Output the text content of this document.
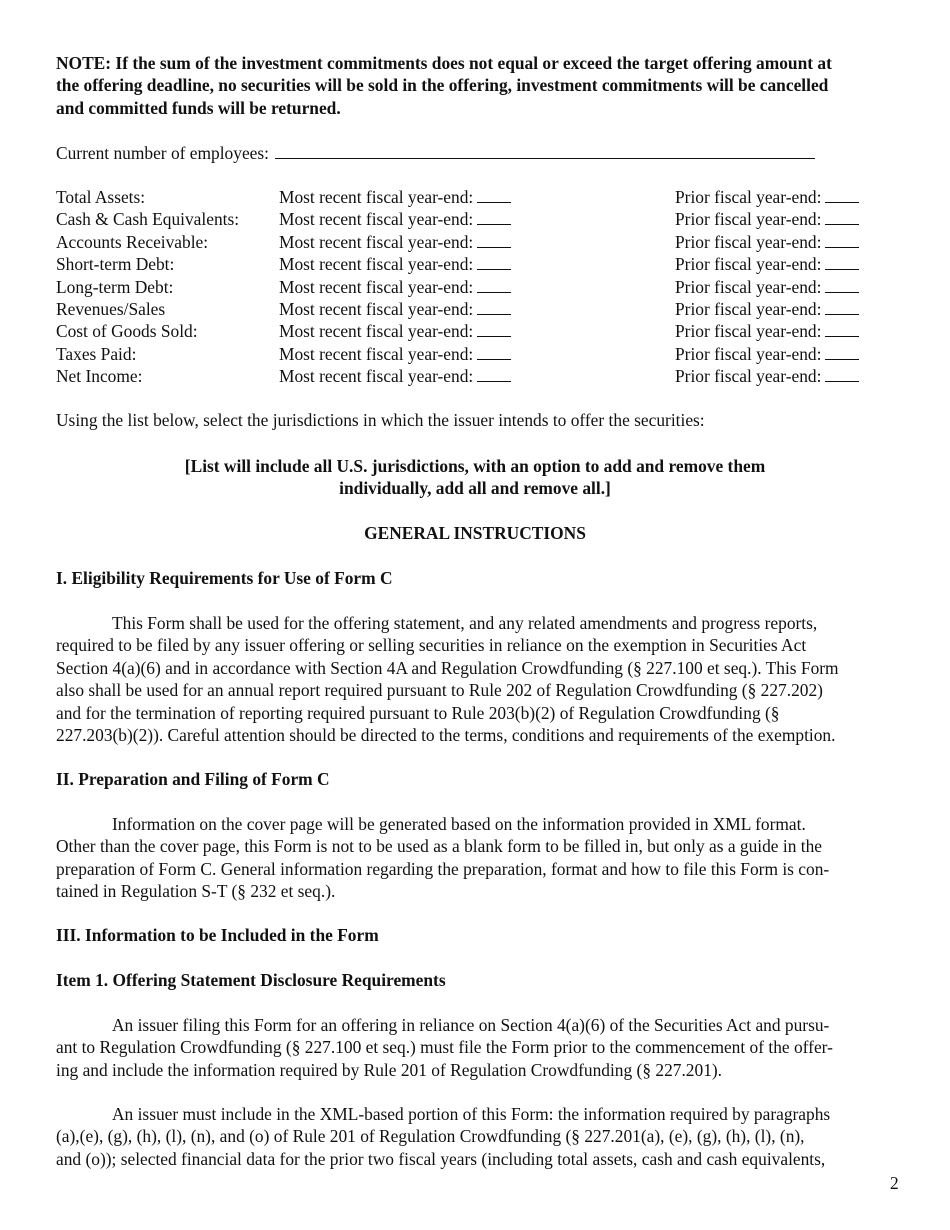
NOTE: If the sum of the investment commitments does not equal or exceed the target offering amount at the offering deadline, no securities will be sold in the offering, investment commitments will be cancelled and committed funds will be returned.
Current number of employees:
Total Assets:	Most recent fiscal year-end:	Prior fiscal year-end:
Cash & Cash Equivalents: Most recent fiscal year-end:	Prior fiscal year-end:
Accounts Receivable:	Most recent fiscal year-end:	Prior fiscal year-end:
Short-term Debt:	Most recent fiscal year-end:	Prior fiscal year-end:
Long-term Debt:	Most recent fiscal year-end:	Prior fiscal year-end:
Revenues/Sales	Most recent fiscal year-end:	Prior fiscal year-end:
Cost of Goods Sold:	Most recent fiscal year-end:	Prior fiscal year-end:
Taxes Paid:	Most recent fiscal year-end:	Prior fiscal year-end:
Net Income:	Most recent fiscal year-end:	Prior fiscal year-end:
Using the list below, select the jurisdictions in which the issuer intends to offer the securities:
[List will include all U.S. jurisdictions, with an option to add and remove them
individually, add all and remove all.]
GENERAL INSTRUCTIONS
I. Eligibility Requirements for Use of Form C
This Form shall be used for the offering statement, and any related amendments and progress reports,
required to be filed by any issuer offering or selling securities in reliance on the exemption in Securities Act
Section 4(a)(6) and in accordance with Section 4A and Regulation Crowdfunding (§ 227.100 et seq.). This Form
also shall be used for an annual report required pursuant to Rule 202 of Regulation Crowdfunding (§ 227.202)
and for the termination of reporting required pursuant to Rule 203(b)(2) of Regulation Crowdfunding (§
227.203(b)(2)). Careful attention should be directed to the terms, conditions and requirements of the exemption.
II. Preparation and Filing of Form C
Information on the cover page will be generated based on the information provided in XML format.
Other than the cover page, this Form is not to be used as a blank form to be filled in, but only as a guide in the
preparation of Form C. General information regarding the preparation, format and how to file this Form is con-
tained in Regulation S-T (§ 232 et seq.).
III. Information to be Included in the Form
Item 1. Offering Statement Disclosure Requirements
An issuer filing this Form for an offering in reliance on Section 4(a)(6) of the Securities Act and pursu-
ant to Regulation Crowdfunding (§ 227.100 et seq.) must file the Form prior to the commencement of the offer-
ing and include the information required by Rule 201 of Regulation Crowdfunding (§ 227.201).
An issuer must include in the XML-based portion of this Form: the information required by paragraphs
(a),(e), (g), (h), (l), (n), and (o) of Rule 201 of Regulation Crowdfunding (§ 227.201(a), (e), (g), (h), (l), (n),
and (o)); selected financial data for the prior two fiscal years (including total assets, cash and cash equivalents,
2
